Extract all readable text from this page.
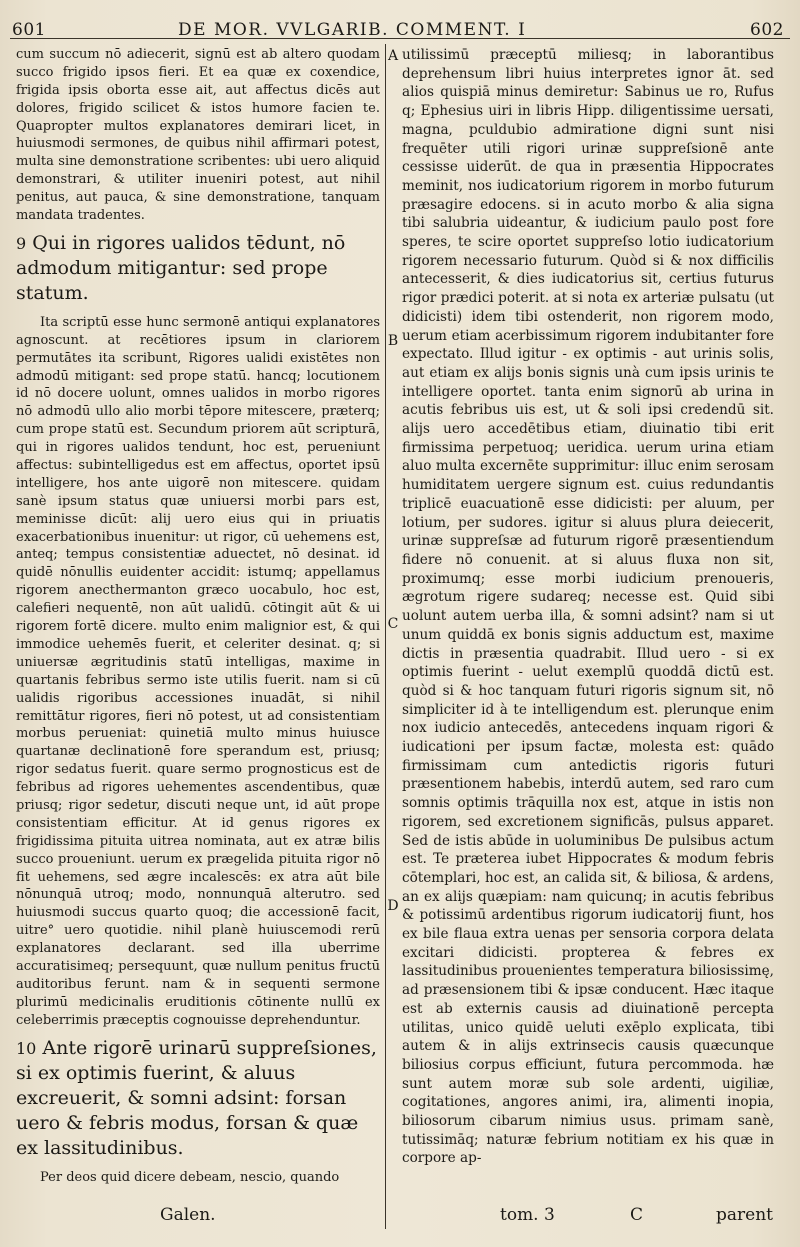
601	DE MOR. VVLGARIB. COMMENT. I	602

cum succum nō adiecerit, signū est ab altero quodam succo frigido ipsos fieri. Et ea quæ ex coxendice, frigida ipsis oborta esse ait, aut affectus dicēs aut dolores, frigido scilicet & istos humore facien te. Quapropter multos explanatores demirari licet, in huiusmodi sermones, de quibus nihil affirmari potest, multa sine demonstratione scribentes: ubi uero aliquid demonstrari, & utiliter inueniri potest, aut nihil penitus, aut pauca, & sine demonstratione, tanquam mandata tradentes.

9 Qui in rigores ualidos tēdunt, nō admodum mitigantur: sed prope statum.

Ita scriptū esse hunc sermonē antiqui explanatores agnoscunt. at recētiores ipsum in clariorem permutātes ita scribunt, Rigores ualidi existētes non admodū mitigant: sed prope statū. hancq; locutionem id nō docere uolunt, omnes ualidos in morbo rigores nō admodū ullo alio morbi tēpore mitescere, præterq; cum prope statū est. Secundum priorem aūt scripturā, qui in rigores ualidos tendunt, hoc est, perueniunt affectus: subintelligedus est em affectus, oportet ipsū intelligere, hos ante uigorē non mitescere. quidam sanè ipsum status quæ uniuersi morbi pars est, meminisse dicūt: alij uero eius qui in priuatis exacerbationibus inuenitur: ut rigor, cū uehemens est, anteq; tempus consistentiæ aduectet, nō desinat. id quidē nōnullis euidenter accidit: istumq; appellamus rigorem anecthermanton græco uocabulo, hoc est, calefieri nequentē, non aūt ualidū. cōtingit aūt & ui rigorem fortē dicere. multo enim malignior est, & qui immodice uehemēs fuerit, et celeriter desinat. q; si uniuersæ ægritudinis statū intelligas, maxime in quartanis febribus sermo iste utilis fuerit. nam si cū ualidis rigoribus accessiones inuadāt, si nihil remittātur rigores, fieri nō potest, ut ad consistentiam morbus perueniat: quinetiā multo minus huiusce quartanæ declinationē fore sperandum est, priusq; rigor sedatus fuerit. quare sermo prognosticus est de febribus ad rigores uehementes ascendentibus, quæ priusq; rigor sedetur, discuti neque unt, id aūt prope consistentiam efficitur. At id genus rigores ex frigidissima pituita uitrea nominata, aut ex atræ bilis succo proueniunt. uerum ex prægelida pituita rigor nō fit uehemens, sed ægre incalescēs: ex atra aūt bile nōnunquā utroq; modo, nonnunquā alterutro. sed huiusmodi succus quarto quoq; die accessionē facit, uitre° uero quotidie. nihil planè huiuscemodi rerū explanatores declarant. sed illa uberrime accuratisimeq; persequunt, quæ nullum penitus fructū auditoribus ferunt. nam & in sequenti sermone plurimū medicinalis eruditionis cōtinente nullū ex celeberrimis præceptis cognouisse deprehenduntur.

10 Ante rigorē urinarū suppreſsiones, si ex optimis fuerint, & aluus excreuerit, & somni adsint: forsan uero & febris modus, forsan & quæ ex lassitudinibus.

Per deos quid dicere debeam, nescio, quando

A
B
C
D

utilissimū præceptū miliesq; in laborantibus deprehensum libri huius interpretes ignor āt. sed alios quispiā minus demiretur: Sabinus ue ro, Rufus q; Ephesius uiri in libris Hipp. diligentissime uersati, magna, pculdubio admiratione digni sunt nisi frequēter utili rigori urinæ suppreſsionē ante cessisse uiderūt. de qua in præsentia Hippocrates meminit, nos iudicatorium rigorem in morbo futurum præsagire edocens. si in acuto morbo & alia signa tibi salubria uideantur, & iudicium paulo post fore speres, te scire oportet suppreſso lotio iudicatorium rigorem necessario futurum. Quòd si & nox difficilis antecesserit, & dies iudicatorius sit, certius futurus rigor prædici poterit. at si nota ex arteriæ pulsatu (ut didicisti) idem tibi ostenderit, non rigorem modo, uerum etiam acerbissimum rigorem indubitanter fore expectato. Illud igitur - ex optimis - aut urinis solis, aut etiam ex alijs bonis signis unà cum ipsis urinis te intelligere oportet. tanta enim signorū ab urina in acutis febribus uis est, ut & soli ipsi credendū sit. alijs uero accedētibus etiam, diuinatio tibi erit firmissima perpetuoq; ueridica. uerum urina etiam aluo multa excernēte supprimitur: illuc enim serosam humiditatem uergere signum est. cuius redundantis triplicē euacuationē esse didicisti: per aluum, per lotium, per sudores. igitur si aluus plura deiecerit, urinæ suppreſsæ ad futurum rigorē præsentiendum fidere nō conuenit. at si aluus fluxa non sit, proximumq; esse morbi iudicium prenoueris, ægrotum rigere sudareq; necesse est. Quid sibi uolunt autem uerba illa, & somni adsint? nam si ut unum quiddā ex bonis signis adductum est, maxime dictis in præsentia quadrabit. Illud uero - si ex optimis fuerint - uelut exemplū quoddā dictū est. quòd si & hoc tanquam futuri rigoris signum sit, nō simpliciter id à te intelligendum est. plerunque enim nox iudicio antecedēs, antecedens inquam rigori & iudicationi per ipsum factæ, molesta est: quādo firmissimam cum antedictis rigoris futuri præsentionem habebis, interdū autem, sed raro cum somnis optimis trāquilla nox est, atque in istis non rigorem, sed excretionem significās, pulsus apparet. Sed de istis abūde in uoluminibus De pulsibus actum est. Te præterea iubet Hippocrates & modum febris cōtemplari, hoc est, an calida sit, & biliosa, & ardens, an ex alijs quæpiam: nam quicunq; in acutis febribus & potissimū ardentibus rigorum iudicatorij fiunt, hos ex bile flaua extra uenas per sensoria corpora delata excitari didicisti. propterea & febres ex lassitudinibus prouenientes temperatura biliosissimę, ad præsensionem tibi & ipsæ conducent. Hæc itaque est ab externis causis ad diuinationē percepta utilitas, unico quidē ueluti exēplo explicata, tibi autem & in alijs extrinsecis causis quæcunque biliosius corpus efficiunt, futura percommoda. hæ sunt autem moræ sub sole ardenti, uigiliæ, cogitationes, angores animi, ira, alimenti inopia, biliosorum cibarum nimius usus. primam sanè, tutissimāq; naturæ febrium notitiam ex his quæ in corpore ap-

Galen.	tom. 3	C	parent
